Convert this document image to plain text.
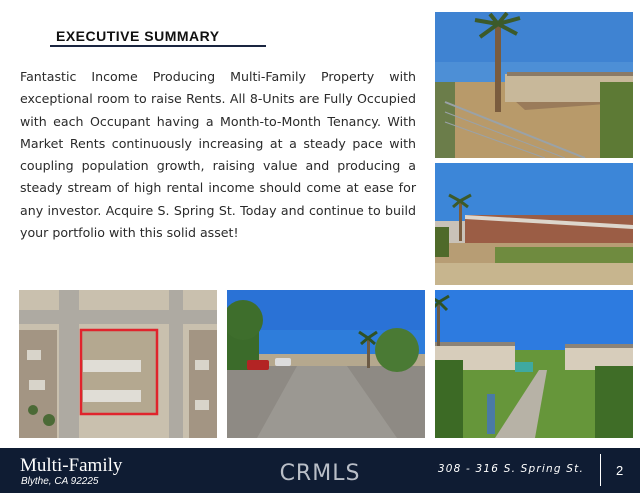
EXECUTIVE SUMMARY

Fantastic Income Producing Multi-Family Property with exceptional room to raise Rents. All 8-Units are Fully Occupied with each Occupant having a Month-to-Month Tenancy. With Market Rents continuously increasing at a steady pace with coupling population growth, raising value and producing a steady stream of high rental income should come at ease for any investor. Acquire S. Spring St. Today and continue to build your portfolio with this solid asset!

Multi-Family
Blythe, CA 92225	CRMLS	308 - 316 S. Spring St. 2
